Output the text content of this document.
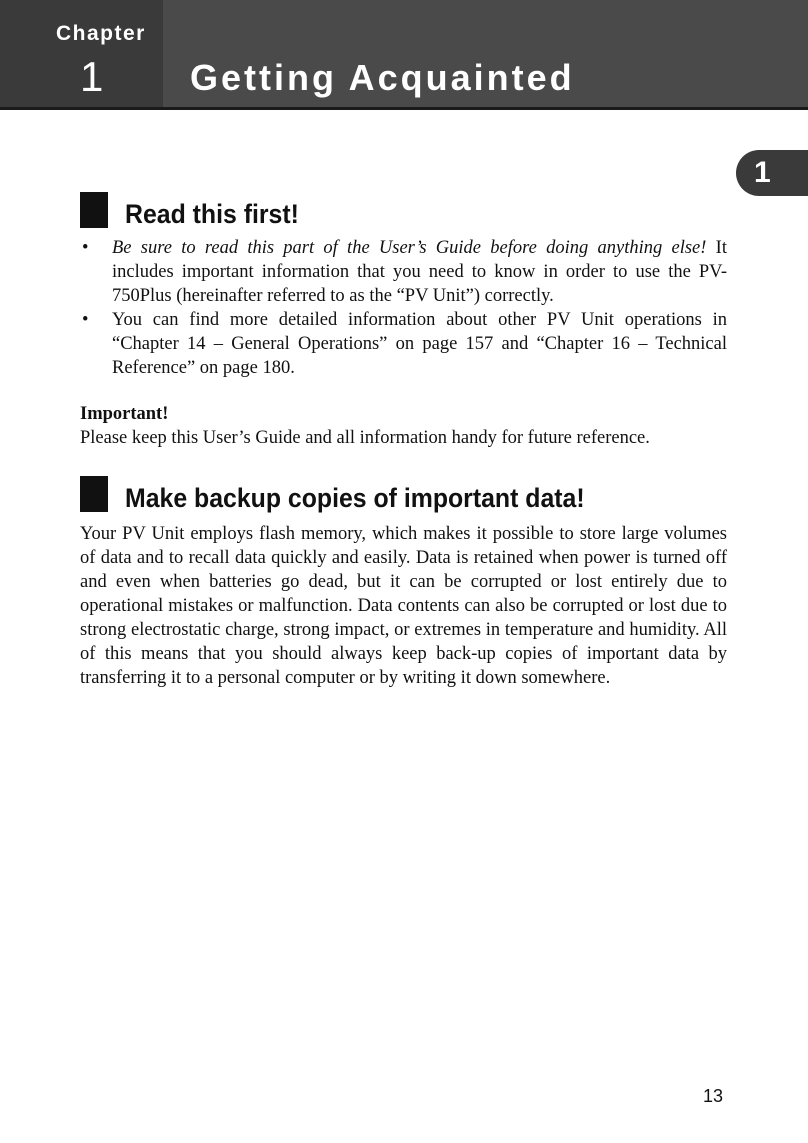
Chapter
1 Getting Acquainted
1
Read this first!
• Be sure to read this part of the User’s Guide before doing anything else! It includes important information that you need to know in order to use the PV-750Plus (hereinafter referred to as the “PV Unit”) correctly.
• You can find more detailed information about other PV Unit operations in “Chapter 14 – General Operations” on page 157 and “Chapter 16 – Technical Reference” on page 180.
Important!
Please keep this User’s Guide and all information handy for future reference.
Make backup copies of important data!

Your PV Unit employs flash memory, which makes it possible to store large volumes of data and to recall data quickly and easily. Data is retained when power is turned off and even when batteries go dead, but it can be corrupted or lost entirely due to operational mistakes or malfunction. Data contents can also be corrupted or lost due to strong electrostatic charge, strong impact, or extremes in temperature and humidity. All of this means that you should always keep back-up copies of important data by transferring it to a personal computer or by writing it down somewhere.

13
